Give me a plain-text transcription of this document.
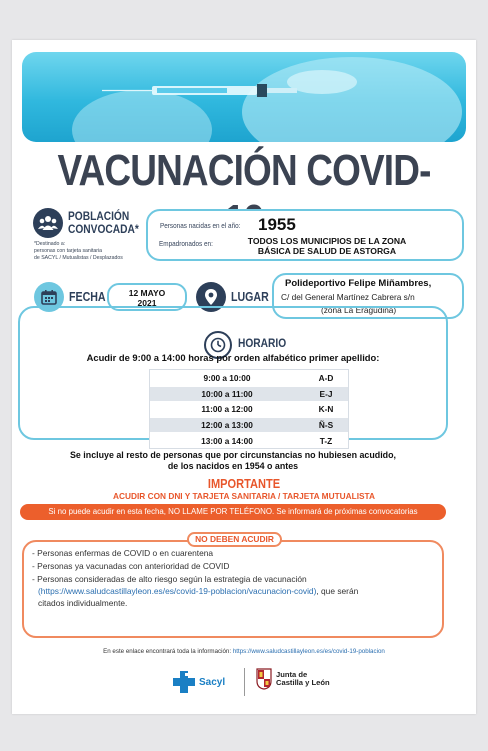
VACUNACIÓN COVID-
POBLACIÓN
CONVOCADA*
*Destinado a:
personas con tarjeta sanitaria
de SACYL / Mutualistas / Desplazados
Personas nacidas en el año: 1955
Empadronados en:	TODOS LOS MUNICIPIOS DE LA ZONA
BÁSICA DE SALUD DE ASTORGA
FECHA	12 MAYO
2021	LUGAR
Polideportivo Felipe Miñambres,
C/ del General Martínez Cabrera s/n
(zona La Eragudina)
HORARIO
Acudir de 9:00 a 14:00 horas por orden alfabético primer apellido:
9:00 a 10:00	A-D
10:00 a 11:00	E-J
11:00 a 12:00	K-N
12:00 a 13:00	Ñ-S
13:00 a 14:00	T-Z
Se incluye al resto de personas que por circunstancias no hubiesen acudido,
de los nacidos en 1954 o antes
IMPORTANTE
ACUDIR CON DNI Y TARJETA SANITARIA / TARJETA MUTUALISTA
Si no puede acudir en esta fecha, NO LLAME POR TELÉFONO. Se informará de próximas convocatorias
NO DEBEN ACUDIR
- Personas enfermas de COVID o en cuarentena
- Personas ya vacunadas con anterioridad de COVID
- Personas consideradas de alto riesgo según la estrategia de vacunación
(https://www.saludcastillayleon.es/es/covid-19-poblacion/vacunacion-covid), que serán
citados individualmente.
En este enlace encontrará toda la información: https://www.saludcastillayleon.es/es/covid-19-poblacion
Sacyl
Junta de
Castilla y León
